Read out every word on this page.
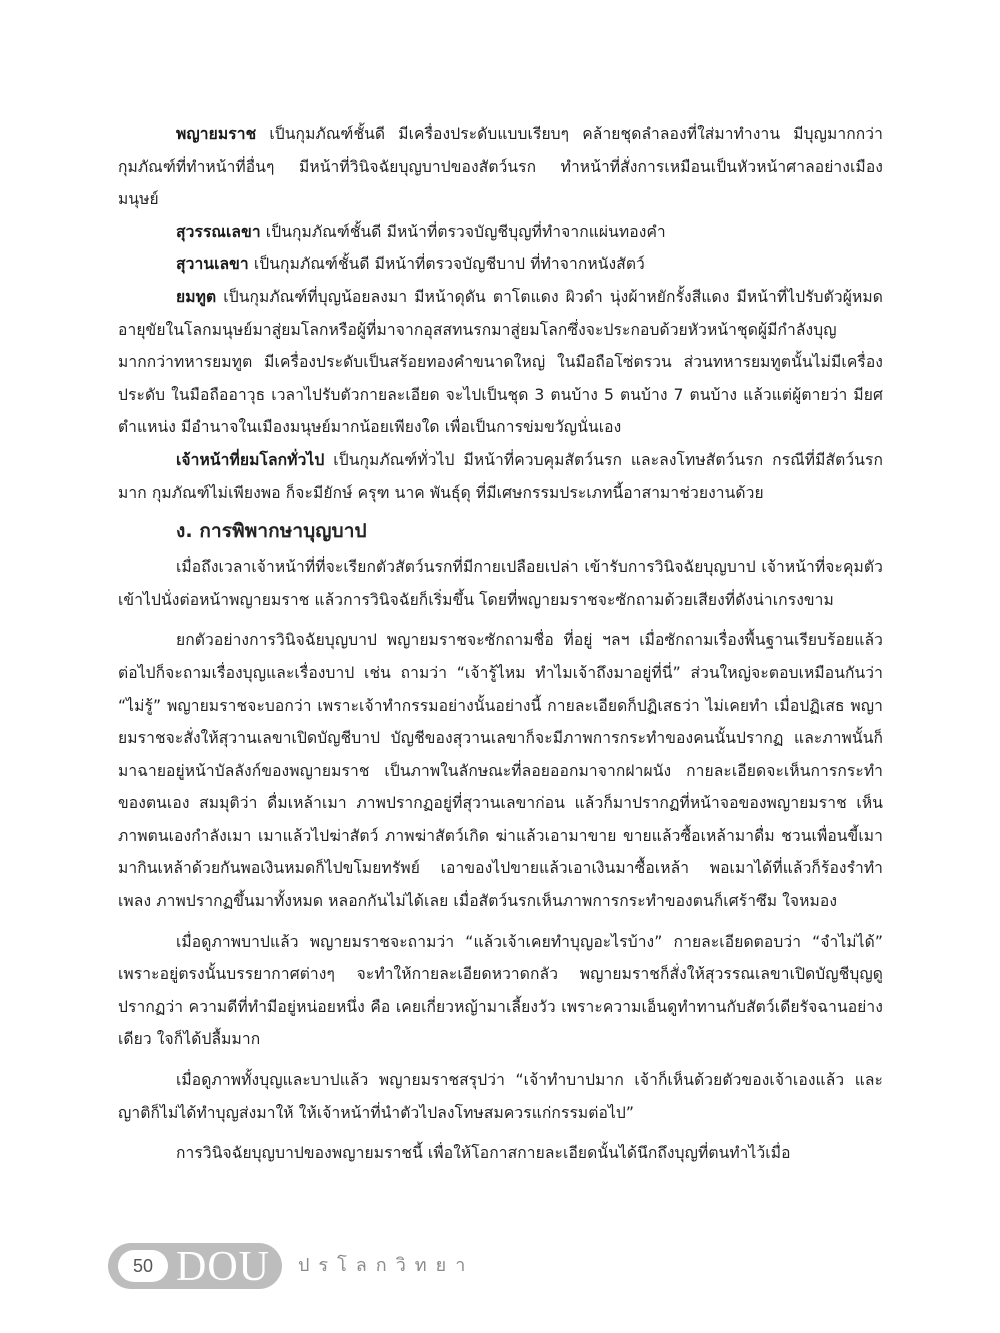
พญายมราช เป็นกุมภัณฑ์ชั้นดี มีเครื่องประดับแบบเรียบๆ คล้ายชุดลำลองที่ใส่มาทำงาน มีบุญมากกว่ากุมภัณฑ์ที่ทำหน้าที่อื่นๆ มีหน้าที่วินิจฉัยบุญบาปของสัตว์นรก ทำหน้าที่สั่งการเหมือนเป็นหัวหน้าศาลอย่างเมืองมนุษย์

สุวรรณเลขา เป็นกุมภัณฑ์ชั้นดี มีหน้าที่ตรวจบัญชีบุญที่ทำจากแผ่นทองคำ

สุวานเลขา เป็นกุมภัณฑ์ชั้นดี มีหน้าที่ตรวจบัญชีบาป ที่ทำจากหนังสัตว์

ยมทูต เป็นกุมภัณฑ์ที่บุญน้อยลงมา มีหน้าดุดัน ตาโตแดง ผิวดำ นุ่งผ้าหยักรั้งสีแดง มีหน้าที่ไปรับตัวผู้หมดอายุขัยในโลกมนุษย์มาสู่ยมโลกหรือผู้ที่มาจากอุสสทนรกมาสู่ยมโลกซึ่งจะประกอบด้วยหัวหน้าชุดผู้มีกำลังบุญมากกว่าทหารยมทูต มีเครื่องประดับเป็นสร้อยทองคำขนาดใหญ่ ในมือถือโซ่ตรวน ส่วนทหารยมทูตนั้นไม่มีเครื่องประดับ ในมือถืออาวุธ เวลาไปรับตัวกายละเอียด จะไปเป็นชุด 3 ตนบ้าง 5 ตนบ้าง 7 ตนบ้าง แล้วแต่ผู้ตายว่า มียศตำแหน่ง มีอำนาจในเมืองมนุษย์มากน้อยเพียงใด เพื่อเป็นการข่มขวัญนั่นเอง

เจ้าหน้าที่ยมโลกทั่วไป เป็นกุมภัณฑ์ทั่วไป มีหน้าที่ควบคุมสัตว์นรก และลงโทษสัตว์นรก กรณีที่มีสัตว์นรกมาก กุมภัณฑ์ไม่เพียงพอ ก็จะมียักษ์ ครุฑ นาค พันธุ์ดุ ที่มีเศษกรรมประเภทนี้อาสามาช่วยงานด้วย

ง. การพิพากษาบุญบาป

เมื่อถึงเวลาเจ้าหน้าที่ที่จะเรียกตัวสัตว์นรกที่มีกายเปลือยเปล่า เข้ารับการวินิจฉัยบุญบาป เจ้าหน้าที่จะคุมตัวเข้าไปนั่งต่อหน้าพญายมราช แล้วการวินิจฉัยก็เริ่มขึ้น โดยที่พญายมราชจะซักถามด้วยเสียงที่ดังน่าเกรงขาม

ยกตัวอย่างการวินิจฉัยบุญบาป พญายมราชจะซักถามชื่อ ที่อยู่ ฯลฯ เมื่อซักถามเรื่องพื้นฐานเรียบร้อยแล้ว ต่อไปก็จะถามเรื่องบุญและเรื่องบาป เช่น ถามว่า “เจ้ารู้ไหม ทำไมเจ้าถึงมาอยู่ที่นี่” ส่วนใหญ่จะตอบเหมือนกันว่า “ไม่รู้” พญายมราชจะบอกว่า เพราะเจ้าทำกรรมอย่างนั้นอย่างนี้ กายละเอียดก็ปฏิเสธว่า ไม่เคยทำ เมื่อปฏิเสธ พญายมราชจะสั่งให้สุวานเลขาเปิดบัญชีบาป บัญชีของสุวานเลขาก็จะมีภาพการกระทำของคนนั้นปรากฏ และภาพนั้นก็มาฉายอยู่หน้าบัลลังก์ของพญายมราช เป็นภาพในลักษณะที่ลอยออกมาจากฝาผนัง กายละเอียดจะเห็นการกระทำของตนเอง สมมุติว่า ดื่มเหล้าเมา ภาพปรากฏอยู่ที่สุวานเลขาก่อน แล้วก็มาปรากฏที่หน้าจอของพญายมราช เห็นภาพตนเองกำลังเมา เมาแล้วไปฆ่าสัตว์ ภาพฆ่าสัตว์เกิด ฆ่าแล้วเอามาขาย ขายแล้วซื้อเหล้ามาดื่ม ชวนเพื่อนขี้เมามากินเหล้าด้วยกันพอเงินหมดก็ไปขโมยทรัพย์ เอาของไปขายแล้วเอาเงินมาซื้อเหล้า พอเมาได้ที่แล้วก็ร้องรำทำเพลง ภาพปรากฏขึ้นมาทั้งหมด หลอกกันไม่ได้เลย เมื่อสัตว์นรกเห็นภาพการกระทำของตนก็เศร้าซึม ใจหมอง

เมื่อดูภาพบาปแล้ว พญายมราชจะถามว่า “แล้วเจ้าเคยทำบุญอะไรบ้าง” กายละเอียดตอบว่า “จำไม่ได้” เพราะอยู่ตรงนั้นบรรยากาศต่างๆ จะทำให้กายละเอียดหวาดกลัว พญายมราชก็สั่งให้สุวรรณเลขาเปิดบัญชีบุญดู ปรากฏว่า ความดีที่ทำมีอยู่หน่อยหนึ่ง คือ เคยเกี่ยวหญ้ามาเลี้ยงวัว เพราะความเอ็นดูทำทานกับสัตว์เดียรัจฉานอย่างเดียว ใจก็ได้ปลื้มมาก

เมื่อดูภาพทั้งบุญและบาปแล้ว พญายมราชสรุปว่า “เจ้าทำบาปมาก เจ้าก็เห็นด้วยตัวของเจ้าเองแล้ว และญาติก็ไม่ได้ทำบุญส่งมาให้ ให้เจ้าหน้าที่นำตัวไปลงโทษสมควรแก่กรรมต่อไป”

การวินิจฉัยบุญบาปของพญายมราชนี้ เพื่อให้โอกาสกายละเอียดนั้นได้นึกถึงบุญที่ตนทำไว้เมื่อ

50 DOU ปรโลกวิทยา
